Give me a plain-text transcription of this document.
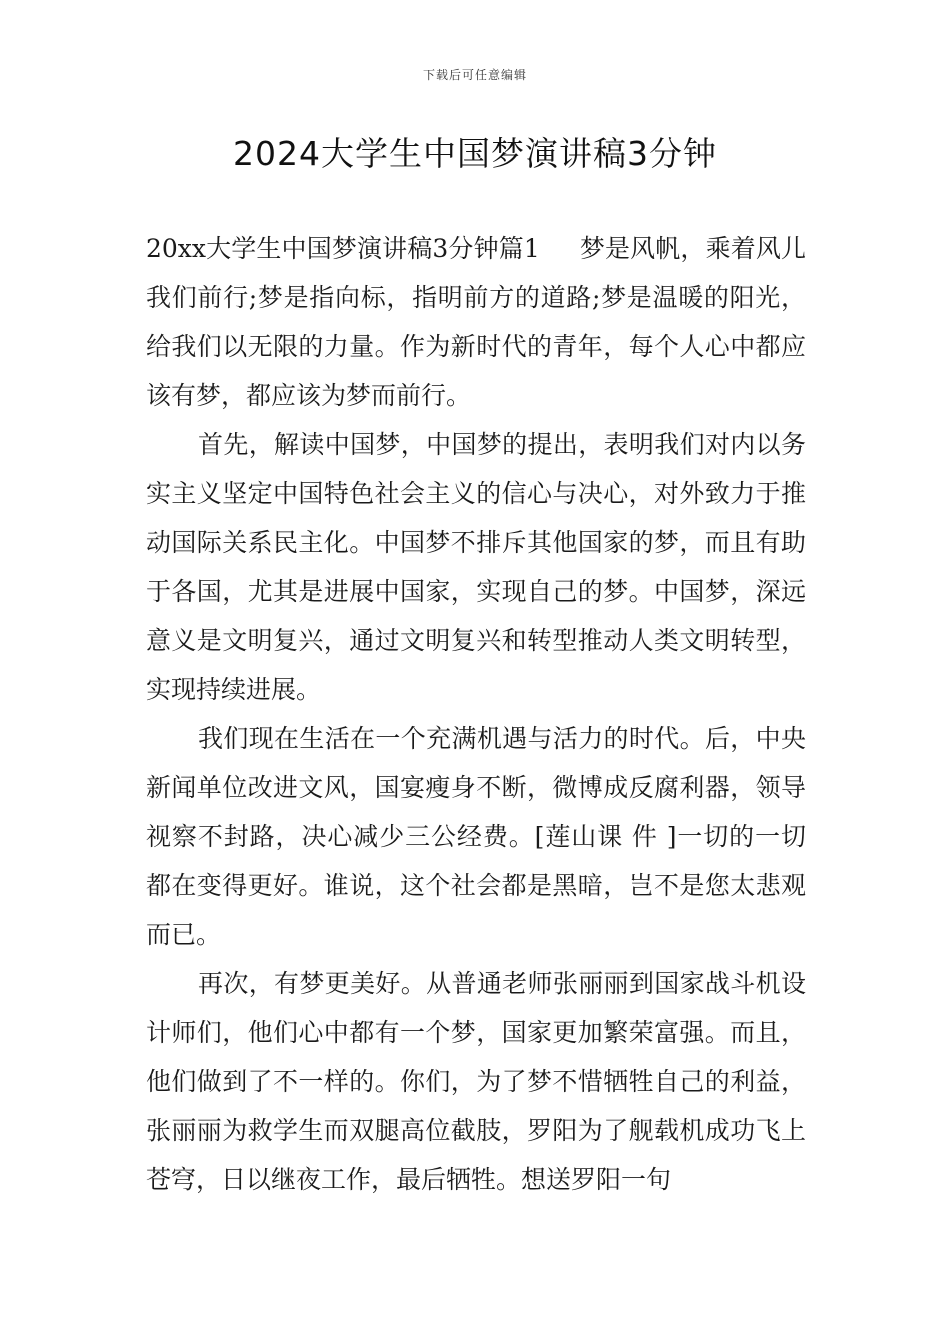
下载后可任意编辑
2024大学生中国梦演讲稿3分钟

20xx大学生中国梦演讲稿3分钟篇1 梦是风帆，乘着风儿我们前行;梦是指向标，指明前方的道路;梦是温暖的阳光，给我们以无限的力量。作为新时代的青年，每个人心中都应该有梦，都应该为梦而前行。

首先，解读中国梦，中国梦的提出，表明我们对内以务实主义坚定中国特色社会主义的信心与决心，对外致力于推动国际关系民主化。中国梦不排斥其他国家的梦，而且有助于各国，尤其是进展中国家，实现自己的梦。中国梦，深远意义是文明复兴，通过文明复兴和转型推动人类文明转型，实现持续进展。

我们现在生活在一个充满机遇与活力的时代。后，中央新闻单位改进文风，国宴瘦身不断，微博成反腐利器，领导视察不封路，决心减少三公经费。[莲山课 件 ]一切的一切都在变得更好。谁说，这个社会都是黑暗，岂不是您太悲观而已。

再次，有梦更美好。从普通老师张丽丽到国家战斗机设计师们，他们心中都有一个梦，国家更加繁荣富强。而且，他们做到了不一样的。你们，为了梦不惜牺牲自己的利益，张丽丽为救学生而双腿高位截肢，罗阳为了舰载机成功飞上苍穹，日以继夜工作，最后牺牲。想送罗阳一句
